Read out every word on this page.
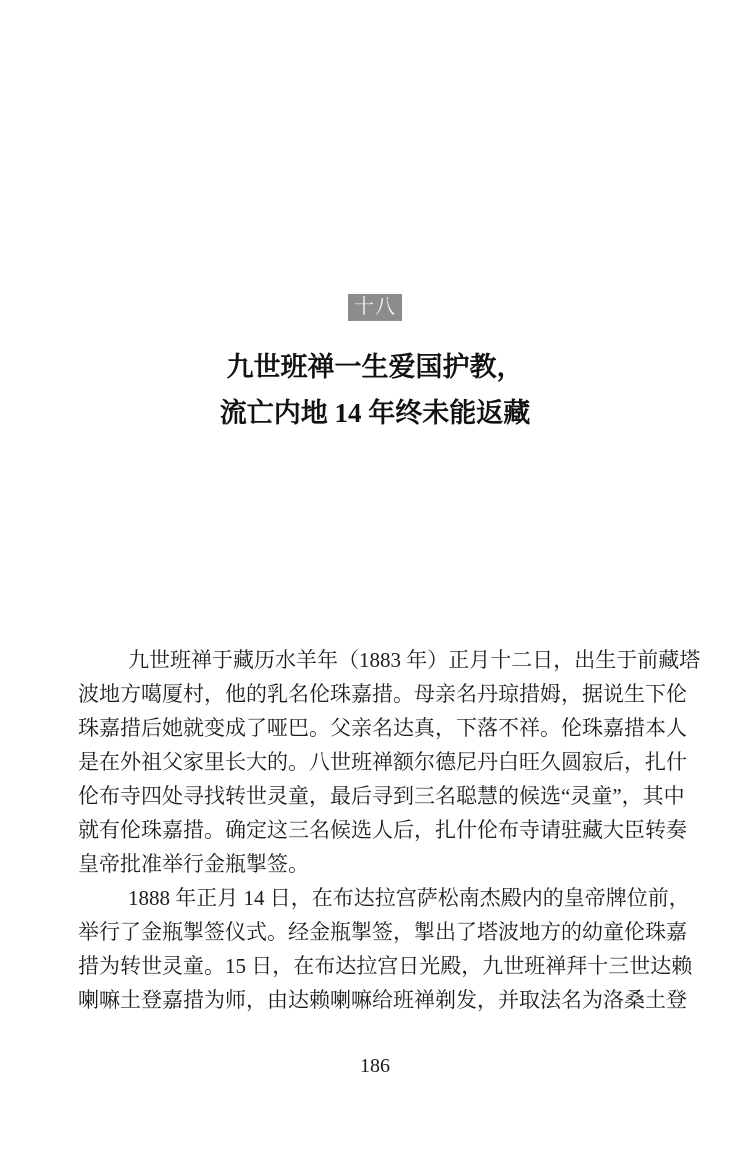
十八
九世班禅一生爱国护教，
流亡内地 14 年终未能返藏
九世班禅于藏历水羊年（1883 年）正月十二日，出生于前藏塔
波地方噶厦村，他的乳名伦珠嘉措。母亲名丹琼措姆，据说生下伦
珠嘉措后她就变成了哑巴。父亲名达真，下落不祥。伦珠嘉措本人
是在外祖父家里长大的。八世班禅额尔德尼丹白旺久圆寂后，扎什
伦布寺四处寻找转世灵童，最后寻到三名聪慧的候选“灵童”，其中
就有伦珠嘉措。确定这三名候选人后，扎什伦布寺请驻藏大臣转奏
皇帝批准举行金瓶掣签。
1888 年正月 14 日，在布达拉宫萨松南杰殿内的皇帝牌位前，
举行了金瓶掣签仪式。经金瓶掣签，掣出了塔波地方的幼童伦珠嘉
措为转世灵童。15 日，在布达拉宫日光殿，九世班禅拜十三世达赖
喇嘛土登嘉措为师，由达赖喇嘛给班禅剃发，并取法名为洛桑土登
186
